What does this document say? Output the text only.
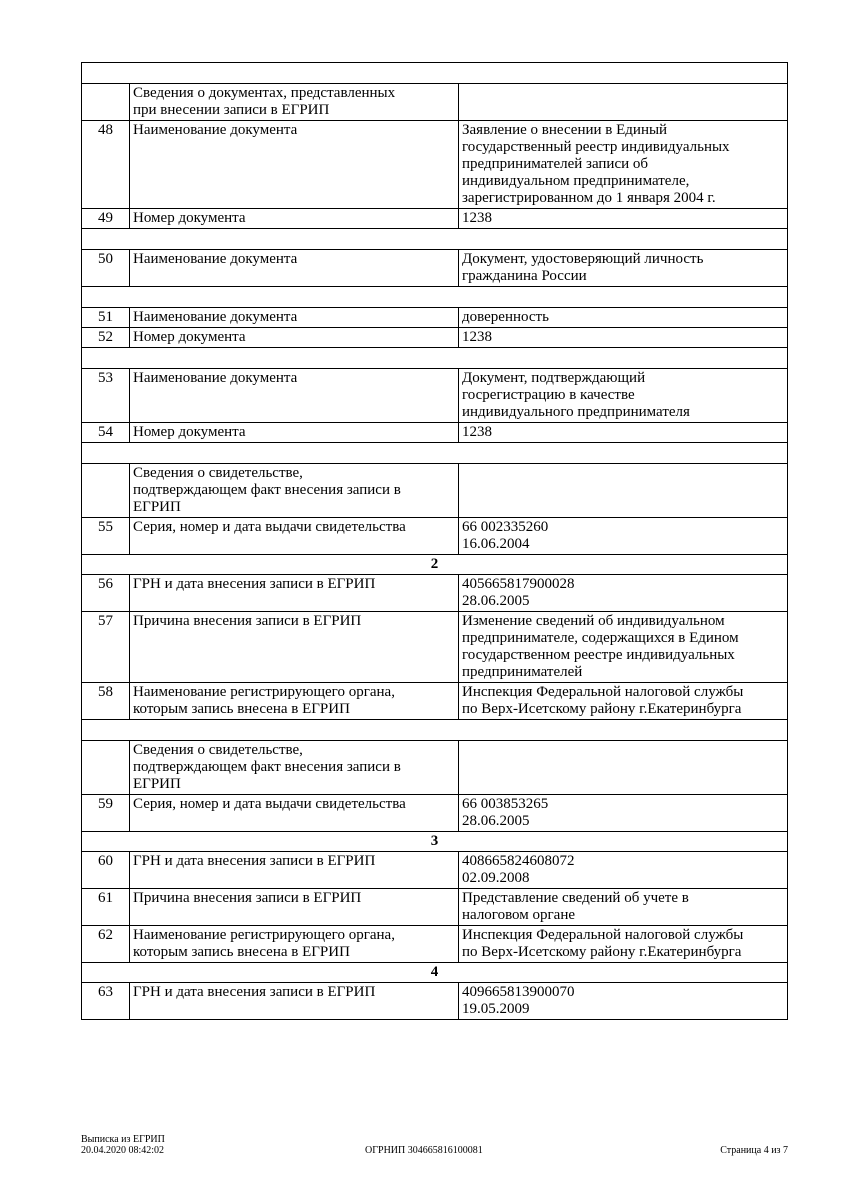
	Сведения о документах, представленных
при внесении записи в ЕГРИП	
48	Наименование документа	Заявление о внесении в Единый
государственный реестр индивидуальных
предпринимателей записи об
индивидуальном предпринимателе,
зарегистрированном до 1 января 2004 г.
49	Номер документа	1238

50	Наименование документа	Документ, удостоверяющий личность
гражданина России

51	Наименование документа	доверенность
52	Номер документа	1238

53	Наименование документа	Документ, подтверждающий
госрегистрацию в качестве
индивидуального предпринимателя
54	Номер документа	1238

	Сведения о свидетельстве,
подтверждающем факт внесения записи в
ЕГРИП	
55	Серия, номер и дата выдачи свидетельства	66 002335260
16.06.2004
2		
56	ГРН и дата внесения записи в ЕГРИП	405665817900028
28.06.2005
57	Причина внесения записи в ЕГРИП	Изменение сведений об индивидуальном
предпринимателе, содержащихся в Едином
государственном реестре индивидуальных
предпринимателей
58	Наименование регистрирующего органа,
которым запись внесена в ЕГРИП	Инспекция Федеральной налоговой службы
по Верх-Исетскому району г.Екатеринбурга

	Сведения о свидетельстве,
подтверждающем факт внесения записи в
ЕГРИП	
59	Серия, номер и дата выдачи свидетельства	66 003853265
28.06.2005
3		
60	ГРН и дата внесения записи в ЕГРИП	408665824608072
02.09.2008
61	Причина внесения записи в ЕГРИП	Представление сведений об учете в
налоговом органе
62	Наименование регистрирующего органа,
которым запись внесена в ЕГРИП	Инспекция Федеральной налоговой службы
по Верх-Исетскому району г.Екатеринбурга
4		
63	ГРН и дата внесения записи в ЕГРИП	409665813900070
19.05.2009
Выписка из ЕГРИП
20.04.2020 08:42:02	ОГРНИП 304665816100081	Страница 4 из 7
